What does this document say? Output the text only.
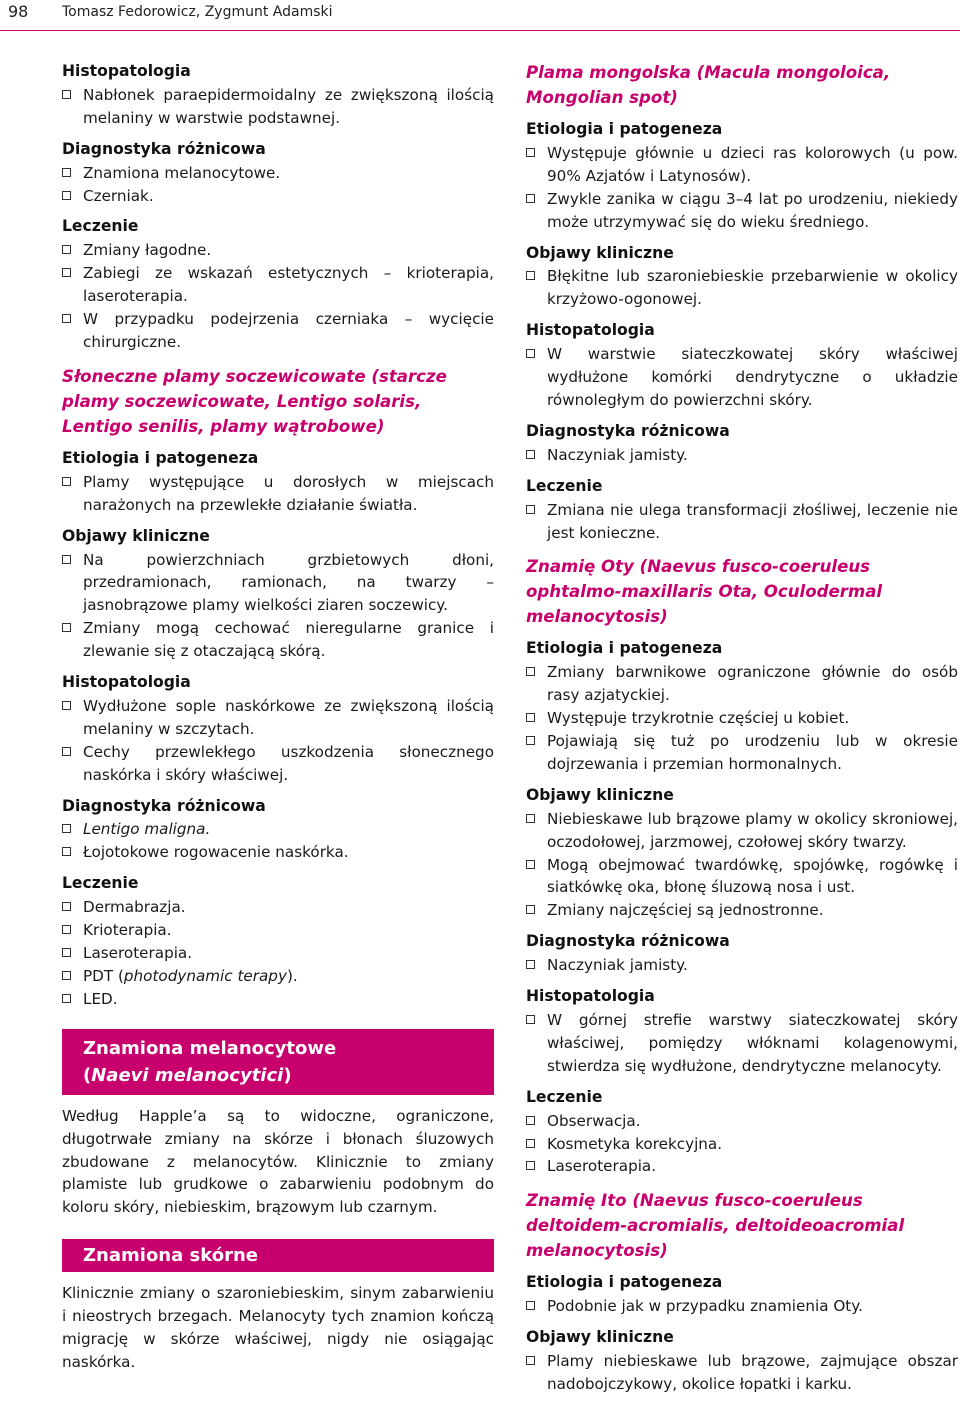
98 Tomasz Fedorowicz, Zygmunt Adamski
Histopatologia
Nabłonek paraepidermoidalny ze zwiększoną ilością melaniny w warstwie podstawnej.
Diagnostyka różnicowa
Znamiona melanocytowe.
Czerniak.
Leczenie
Zmiany łagodne.
Zabiegi ze wskazań estetycznych – krioterapia, laseroterapia.
W przypadku podejrzenia czerniaka – wycięcie chirurgiczne.
Słoneczne plamy soczewicowate (starcze plamy soczewicowate, Lentigo solaris, Lentigo senilis, plamy wątrobowe)
Etiologia i patogeneza
Plamy występujące u dorosłych w miejscach narażonych na przewlekłe działanie światła.
Objawy kliniczne
Na powierzchniach grzbietowych dłoni, przedramionach, ramionach, na twarzy – jasnobrązowe plamy wielkości ziaren soczewicy.
Zmiany mogą cechować nieregularne granice i zlewanie się z otaczającą skórą.
Histopatologia
Wydłużone sople naskórkowe ze zwiększoną ilością melaniny w szczytach.
Cechy przewlekłego uszkodzenia słonecznego naskórka i skóry właściwej.
Diagnostyka różnicowa
Lentigo maligna.
Łojotokowe rogowacenie naskórka.
Leczenie
Dermabrazja.
Krioterapia.
Laseroterapia.
PDT (photodynamic terapy).
LED.
Znamiona melanocytowe
(Naevi melanocytici)
Według Happle’a są to widoczne, ograniczone, długotrwałe zmiany na skórze i błonach śluzowych zbudowane z melanocytów. Klinicznie to zmiany plamiste lub grudkowe o zabarwieniu podobnym do koloru skóry, niebieskim, brązowym lub czarnym.
Znamiona skórne
Klinicznie zmiany o szaroniebieskim, sinym zabarwieniu i nieostrych brzegach. Melanocyty tych znamion kończą migrację w skórze właściwej, nigdy nie osiągając naskórka.
Plama mongolska (Macula mongoloica, Mongolian spot)
Etiologia i patogeneza
Występuje głównie u dzieci ras kolorowych (u pow. 90% Azjatów i Latynosów).
Zwykle zanika w ciągu 3–4 lat po urodzeniu, niekiedy może utrzymywać się do wieku średniego.
Objawy kliniczne
Błękitne lub szaroniebieskie przebarwienie w okolicy krzyżowo-ogonowej.
Histopatologia
W warstwie siateczkowatej skóry właściwej wydłużone komórki dendrytyczne o układzie równoległym do powierzchni skóry.
Diagnostyka różnicowa
Naczyniak jamisty.
Leczenie
Zmiana nie ulega transformacji złośliwej, leczenie nie jest konieczne.
Znamię Oty (Naevus fusco-coeruleus ophtalmo-maxillaris Ota, Oculodermal melanocytosis)
Etiologia i patogeneza
Zmiany barwnikowe ograniczone głównie do osób rasy azjatyckiej.
Występuje trzykrotnie częściej u kobiet.
Pojawiają się tuż po urodzeniu lub w okresie dojrzewania i przemian hormonalnych.
Objawy kliniczne
Niebieskawe lub brązowe plamy w okolicy skroniowej, oczodołowej, jarzmowej, czołowej skóry twarzy.
Mogą obejmować twardówkę, spojówkę, rogówkę i siatkówkę oka, błonę śluzową nosa i ust.
Zmiany najczęściej są jednostronne.
Diagnostyka różnicowa
Naczyniak jamisty.
Histopatologia
W górnej strefie warstwy siateczkowatej skóry właściwej, pomiędzy włóknami kolagenowymi, stwierdza się wydłużone, dendrytyczne melanocyty.
Leczenie
Obserwacja.
Kosmetyka korekcyjna.
Laseroterapia.
Znamię Ito (Naevus fusco-coeruleus deltoidem-acromialis, deltoideoacromial melanocytosis)
Etiologia i patogeneza
Podobnie jak w przypadku znamienia Oty.
Objawy kliniczne
Plamy niebieskawe lub brązowe, zajmujące obszar nadobojczykowy, okolice łopatki i karku.
